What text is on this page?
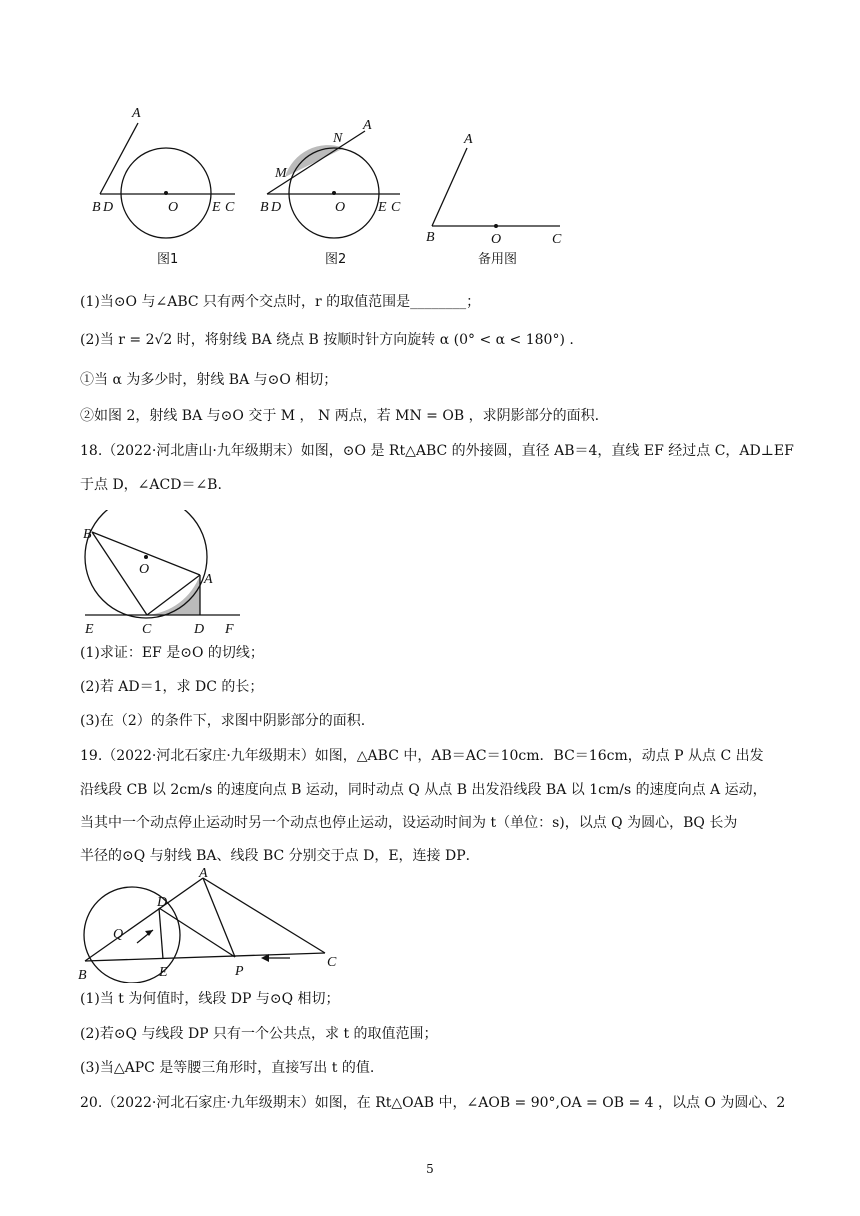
A
B D	O E C
A
N
M
B D	O E C
A
B	O	C
图1	图2	备用图
(1)当⊙O 与∠ABC 只有两个交点时，r 的取值范围是________；
(2)当 r = 2√2 时，将射线 BA 绕点 B 按顺时针方向旋转 α (0° < α < 180°) .
①当 α 为多少时，射线 BA 与⊙O 相切；
②如图 2，射线 BA 与⊙O 交于 M ， N 两点，若 MN = OB ，求阴影部分的面积.
18.（2022·河北唐山·九年级期末）如图，⊙O 是 Rt△ABC 的外接圆，直径 AB＝4，直线 EF 经过点 C，AD⊥EF
于点 D，∠ACD＝∠B.
B
O
A
E	C	D F
(1)求证：EF 是⊙O 的切线；
(2)若 AD＝1，求 DC 的长；
(3)在（2）的条件下，求图中阴影部分的面积.
19.（2022·河北石家庄·九年级期末）如图，△ABC 中，AB＝AC＝10cm．BC＝16cm，动点 P 从点 C 出发
沿线段 CB 以 2cm/s 的速度向点 B 运动，同时动点 Q 从点 B 出发沿线段 BA 以 1cm/s 的速度向点 A 运动，
当其中一个动点停止运动时另一个动点也停止运动，设运动时间为 t（单位：s)，以点 Q 为圆心，BQ 长为
半径的⊙Q 与射线 BA、线段 BC 分别交于点 D，E，连接 DP．
A
D
Q
B	E	P
C
(1)当 t 为何值时，线段 DP 与⊙Q 相切；
(2)若⊙Q 与线段 DP 只有一个公共点，求 t 的取值范围；
(3)当△APC 是等腰三角形时，直接写出 t 的值.
20.（2022·河北石家庄·九年级期末）如图，在 Rt△OAB 中，∠AOB = 90°,OA = OB = 4 ，以点 O 为圆心、2
5
